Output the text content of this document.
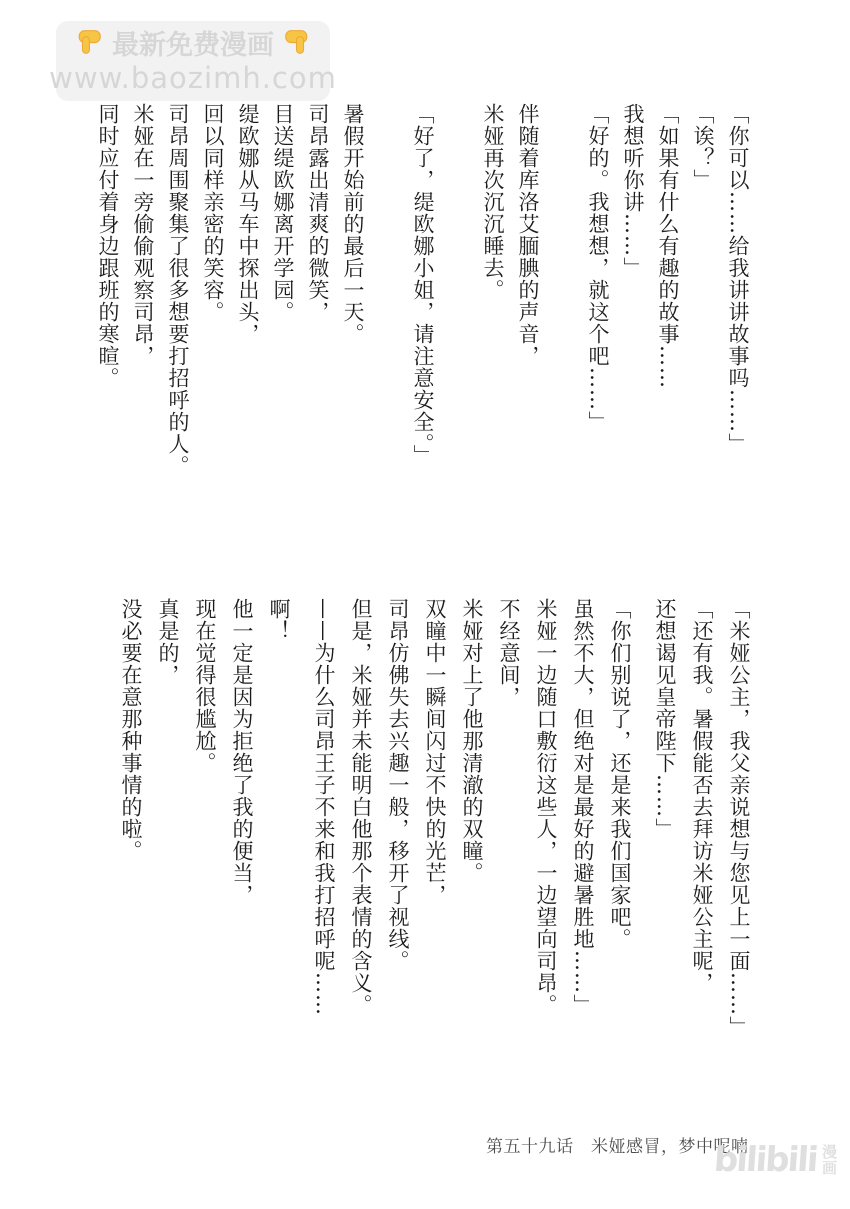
最新免费漫画
www.baozimh.com

「你可以……给我讲讲故事吗……」

「诶？」

「如果有什么有趣的故事……

我想听你讲……」

「好的。我想想，就这个吧……」

伴随着库洛艾腼腆的声音，

米娅再次沉沉睡去。

「好了，缇欧娜小姐，请注意安全。」

暑假开始前的最后一天。

司昂露出清爽的微笑，

目送缇欧娜离开学园。

缇欧娜从马车中探出头，

回以同样亲密的笑容。

司昂周围聚集了很多想要打招呼的人。

米娅在一旁偷偷观察司昂，

同时应付着身边跟班的寒暄。

「米娅公主，我父亲说想与您见上一面……」

「还有我。暑假能否去拜访米娅公主呢，

还想谒见皇帝陛下……」

「你们别说了，还是来我们国家吧。

虽然不大，但绝对是最好的避暑胜地……」

米娅一边随口敷衍这些人，一边望向司昂。

不经意间，

米娅对上了他那清澈的双瞳。

双瞳中一瞬间闪过不快的光芒，

司昂仿佛失去兴趣一般，移开了视线。

但是，米娅并未能明白他那个表情的含义。

——为什么司昂王子不来和我打招呼呢……

啊！

他一定是因为拒绝了我的便当，

现在觉得很尴尬。

真是的，

没必要在意那种事情的啦。

第五十九话　米娅感冒，梦中呢喃
bilibili 漫
画
